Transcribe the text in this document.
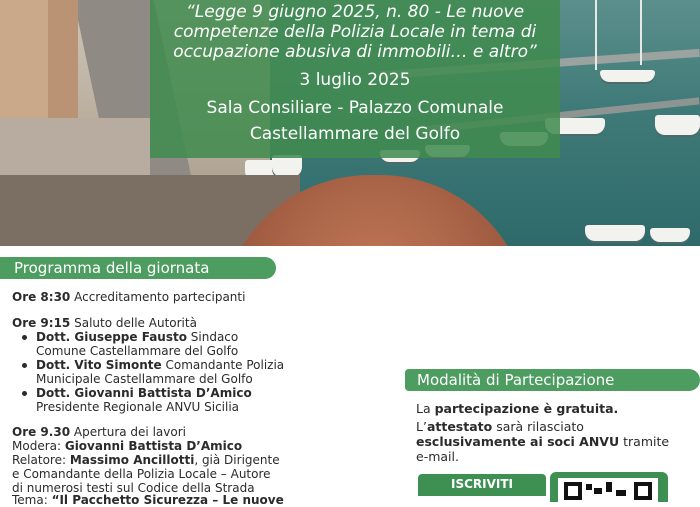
“Legge 9 giugno 2025, n. 80 - Le nuove
competenze della Polizia Locale in tema di
occupazione abusiva di immobili… e altro”
3 luglio 2025
Sala Consiliare - Palazzo Comunale
Castellammare del Golfo
Programma della giornata
Ore 8:30 Accreditamento partecipanti
Ore 9:15 Saluto delle Autorità
Dott. Giuseppe Fausto Sindaco
Comune Castellammare del Golfo
Dott. Vito Simonte Comandante Polizia
Municipale Castellammare del Golfo
Dott. Giovanni Battista D’Amico
Presidente Regionale ANVU Sicilia
Ore 9.30 Apertura dei lavori
Modera: Giovanni Battista D’Amico
Relatore: Massimo Ancillotti, già Dirigente
e Comandante della Polizia Locale – Autore
di numerosi testi sul Codice della Strada
Tema: “Il Pacchetto Sicurezza – Le nuove
Modalità di Partecipazione
La partecipazione è gratuita.
L’attestato sarà rilasciato
esclusivamente ai soci ANVU tramite
e-mail.
ISCRIVITI
